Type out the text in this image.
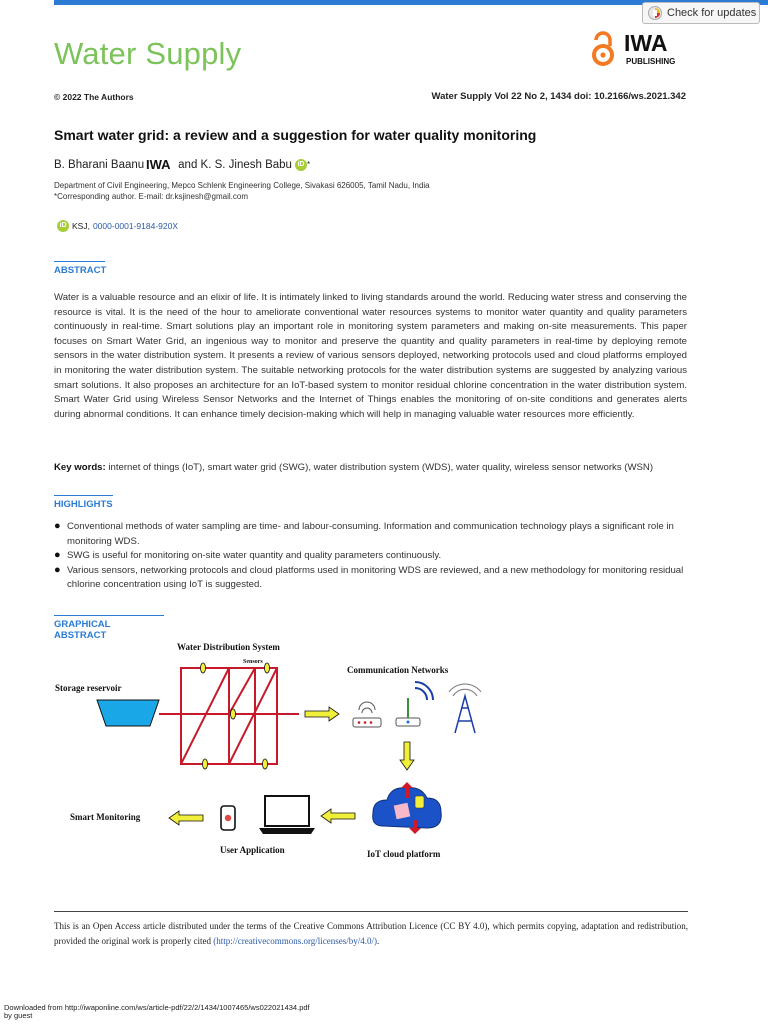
Check for updates
Water Supply	IWA
PUBLISHING
© 2022 The Authors	Water Supply Vol 22 No 2, 1434 doi: 10.2166/ws.2021.342
Smart water grid: a review and a suggestion for water quality monitoring
B. Bharani Baanu IWA and K. S. Jinesh Babu iD *
Department of Civil Engineering, Mepco Schlenk Engineering College, Sivakasi 626005, Tamil Nadu, India
*Corresponding author. E-mail: dr.ksjinesh@gmail.com
iD KSJ, 0000-0001-9184-920X
ABSTRACT
Water is a valuable resource and an elixir of life. It is intimately linked to living standards around the world. Reducing water stress and conserving the resource is vital. It is the need of the hour to ameliorate conventional water resources systems to monitor water quantity and quality parameters continuously in real-time. Smart solutions play an important role in monitoring system parameters and making on-site measurements. This paper focuses on Smart Water Grid, an ingenious way to monitor and preserve the quantity and quality parameters in real-time by deploying remote sensors in the water distribution system. It presents a review of various sensors deployed, networking protocols used and cloud platforms employed in monitoring the water distribution system. The suitable networking protocols for the water distribution systems are suggested by analyzing various smart solutions. It also proposes an architecture for an IoT-based system to monitor residual chlorine concentration in the water distribution system. Smart Water Grid using Wireless Sensor Networks and the Internet of Things enables the monitoring of on-site conditions and generates alerts during abnormal conditions. It can enhance timely decision-making which will help in managing valuable water resources more efficiently.
Key words: internet of things (IoT), smart water grid (SWG), water distribution system (WDS), water quality, wireless sensor networks (WSN)
HIGHLIGHTS
● Conventional methods of water sampling are time- and labour-consuming. Information and communication technology plays a significant role in monitoring WDS.
● SWG is useful for monitoring on-site water quantity and quality parameters continuously.
● Various sensors, networking protocols and cloud platforms used in monitoring WDS are reviewed, and a new methodology for monitoring residual chlorine concentration using IoT is suggested.
GRAPHICAL ABSTRACT
Water Distribution System
Sensors
Storage reservoir
Communication Networks
IoT cloud platform
User Application
Smart Monitoring
This is an Open Access article distributed under the terms of the Creative Commons Attribution Licence (CC BY 4.0), which permits copying, adaptation and redistribution, provided the original work is properly cited (http://creativecommons.org/licenses/by/4.0/).
Downloaded from http://iwaponline.com/ws/article-pdf/22/2/1434/1007465/ws022021434.pdf
by guest
